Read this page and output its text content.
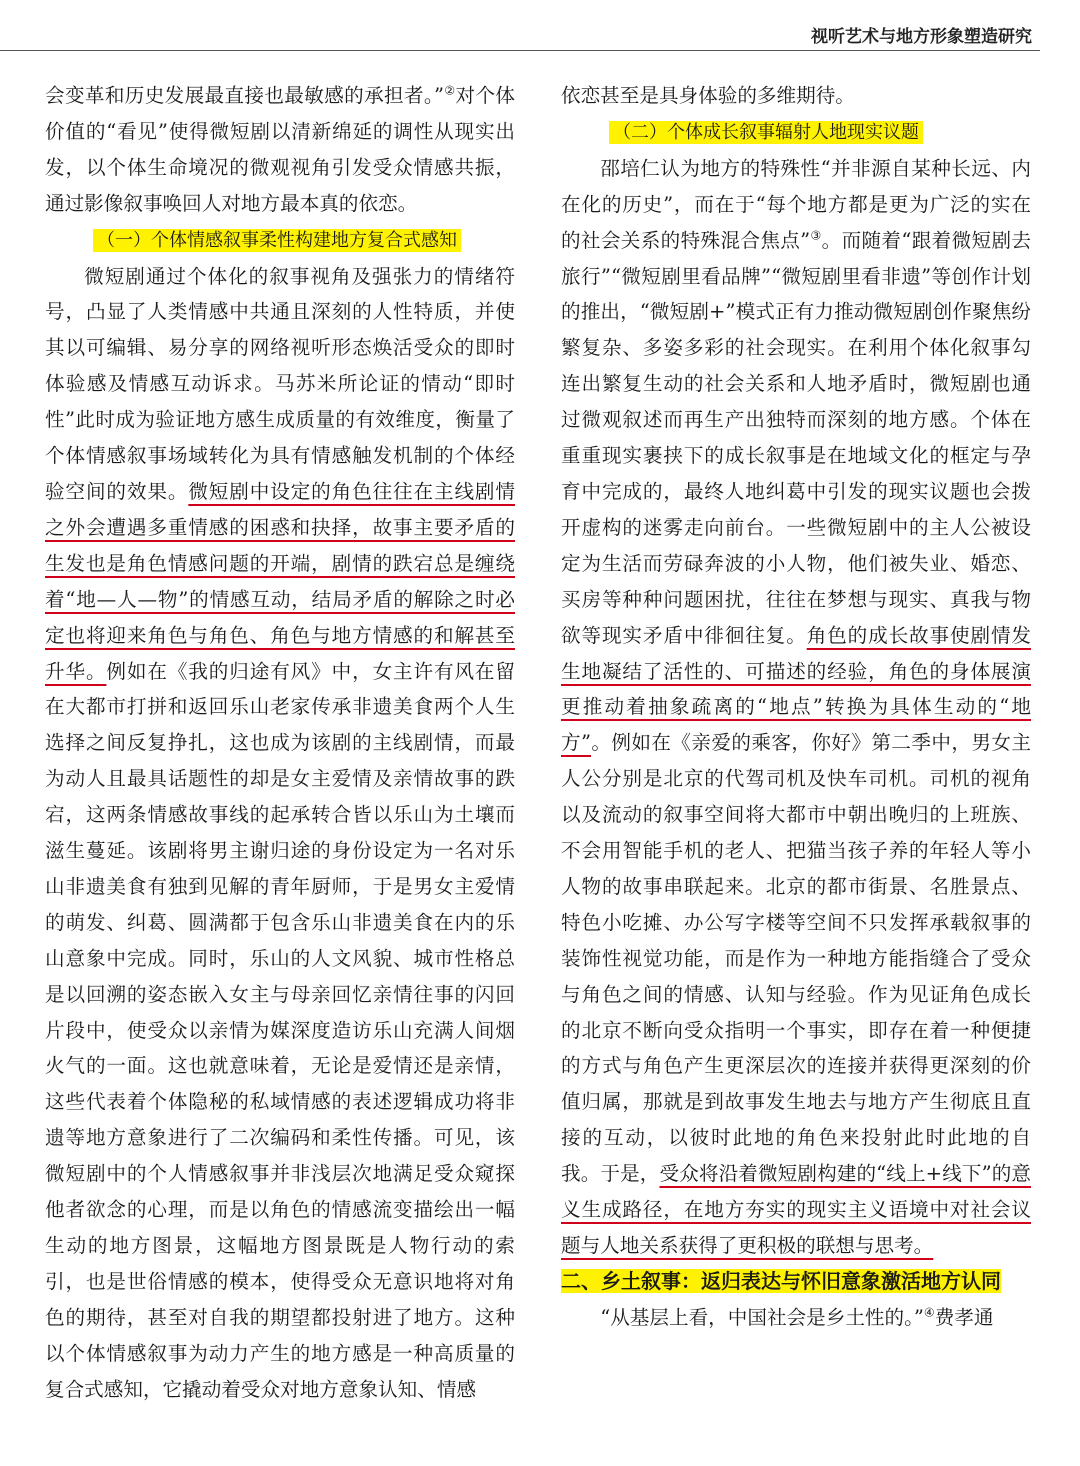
视听艺术与地方形象塑造研究

会变革和历史发展最直接也最敏感的承担者。”②对个体价值的“看见”使得微短剧以清新绵延的调性从现实出发，以个体生命境况的微观视角引发受众情感共振，通过影像叙事唤回人对地方最本真的依恋。

（一）个体情感叙事柔性构建地方复合式感知

微短剧通过个体化的叙事视角及强张力的情绪符号，凸显了人类情感中共通且深刻的人性特质，并使其以可编辑、易分享的网络视听形态焕活受众的即时体验感及情感互动诉求。马苏米所论证的情动“即时性”此时成为验证地方感生成质量的有效维度，衡量了个体情感叙事场域转化为具有情感触发机制的个体经验空间的效果。微短剧中设定的角色往往在主线剧情之外会遭遇多重情感的困惑和抉择，故事主要矛盾的生发也是角色情感问题的开端，剧情的跌宕总是缠绕着“地—人—物”的情感互动，结局矛盾的解除之时必定也将迎来角色与角色、角色与地方情感的和解甚至升华。例如在《我的归途有风》中，女主许有风在留在大都市打拼和返回乐山老家传承非遗美食两个人生选择之间反复挣扎，这也成为该剧的主线剧情，而最为动人且最具话题性的却是女主爱情及亲情故事的跌宕，这两条情感故事线的起承转合皆以乐山为土壤而滋生蔓延。该剧将男主谢归途的身份设定为一名对乐山非遗美食有独到见解的青年厨师，于是男女主爱情的萌发、纠葛、圆满都于包含乐山非遗美食在内的乐山意象中完成。同时，乐山的人文风貌、城市性格总是以回溯的姿态嵌入女主与母亲回忆亲情往事的闪回片段中，使受众以亲情为媒深度造访乐山充满人间烟火气的一面。这也就意味着，无论是爱情还是亲情，这些代表着个体隐秘的私域情感的表述逻辑成功将非遗等地方意象进行了二次编码和柔性传播。可见，该微短剧中的个人情感叙事并非浅层次地满足受众窥探他者欲念的心理，而是以角色的情感流变描绘出一幅生动的地方图景，这幅地方图景既是人物行动的索引，也是世俗情感的模本，使得受众无意识地将对角色的期待，甚至对自我的期望都投射进了地方。这种以个体情感叙事为动力产生的地方感是一种高质量的复合式感知，它撬动着受众对地方意象认知、情感

依恋甚至是具身体验的多维期待。

（二）个体成长叙事辐射人地现实议题

邵培仁认为地方的特殊性“并非源自某种长远、内在化的历史”，而在于“每个地方都是更为广泛的实在的社会关系的特殊混合焦点”③。而随着“跟着微短剧去旅行”“微短剧里看品牌”“微短剧里看非遗”等创作计划的推出，“微短剧+”模式正有力推动微短剧创作聚焦纷繁复杂、多姿多彩的社会现实。在利用个体化叙事勾连出繁复生动的社会关系和人地矛盾时，微短剧也通过微观叙述而再生产出独特而深刻的地方感。个体在重重现实裹挟下的成长叙事是在地域文化的框定与孕育中完成的，最终人地纠葛中引发的现实议题也会拨开虚构的迷雾走向前台。一些微短剧中的主人公被设定为生活而劳碌奔波的小人物，他们被失业、婚恋、买房等种种问题困扰，往往在梦想与现实、真我与物欲等现实矛盾中徘徊往复。角色的成长故事使剧情发生地凝结了活性的、可描述的经验，角色的身体展演更推动着抽象疏离的“地点”转换为具体生动的“地方”。例如在《亲爱的乘客，你好》第二季中，男女主人公分别是北京的代驾司机及快车司机。司机的视角以及流动的叙事空间将大都市中朝出晚归的上班族、不会用智能手机的老人、把猫当孩子养的年轻人等小人物的故事串联起来。北京的都市街景、名胜景点、特色小吃摊、办公写字楼等空间不只发挥承载叙事的装饰性视觉功能，而是作为一种地方能指缝合了受众与角色之间的情感、认知与经验。作为见证角色成长的北京不断向受众指明一个事实，即存在着一种便捷的方式与角色产生更深层次的连接并获得更深刻的价值归属，那就是到故事发生地去与地方产生彻底且直接的互动，以彼时此地的角色来投射此时此地的自我。于是，受众将沿着微短剧构建的“线上+线下”的意义生成路径，在地方夯实的现实主义语境中对社会议题与人地关系获得了更积极的联想与思考。

二、乡土叙事：返归表达与怀旧意象激活地方认同

“从基层上看，中国社会是乡土性的。”④费孝通
